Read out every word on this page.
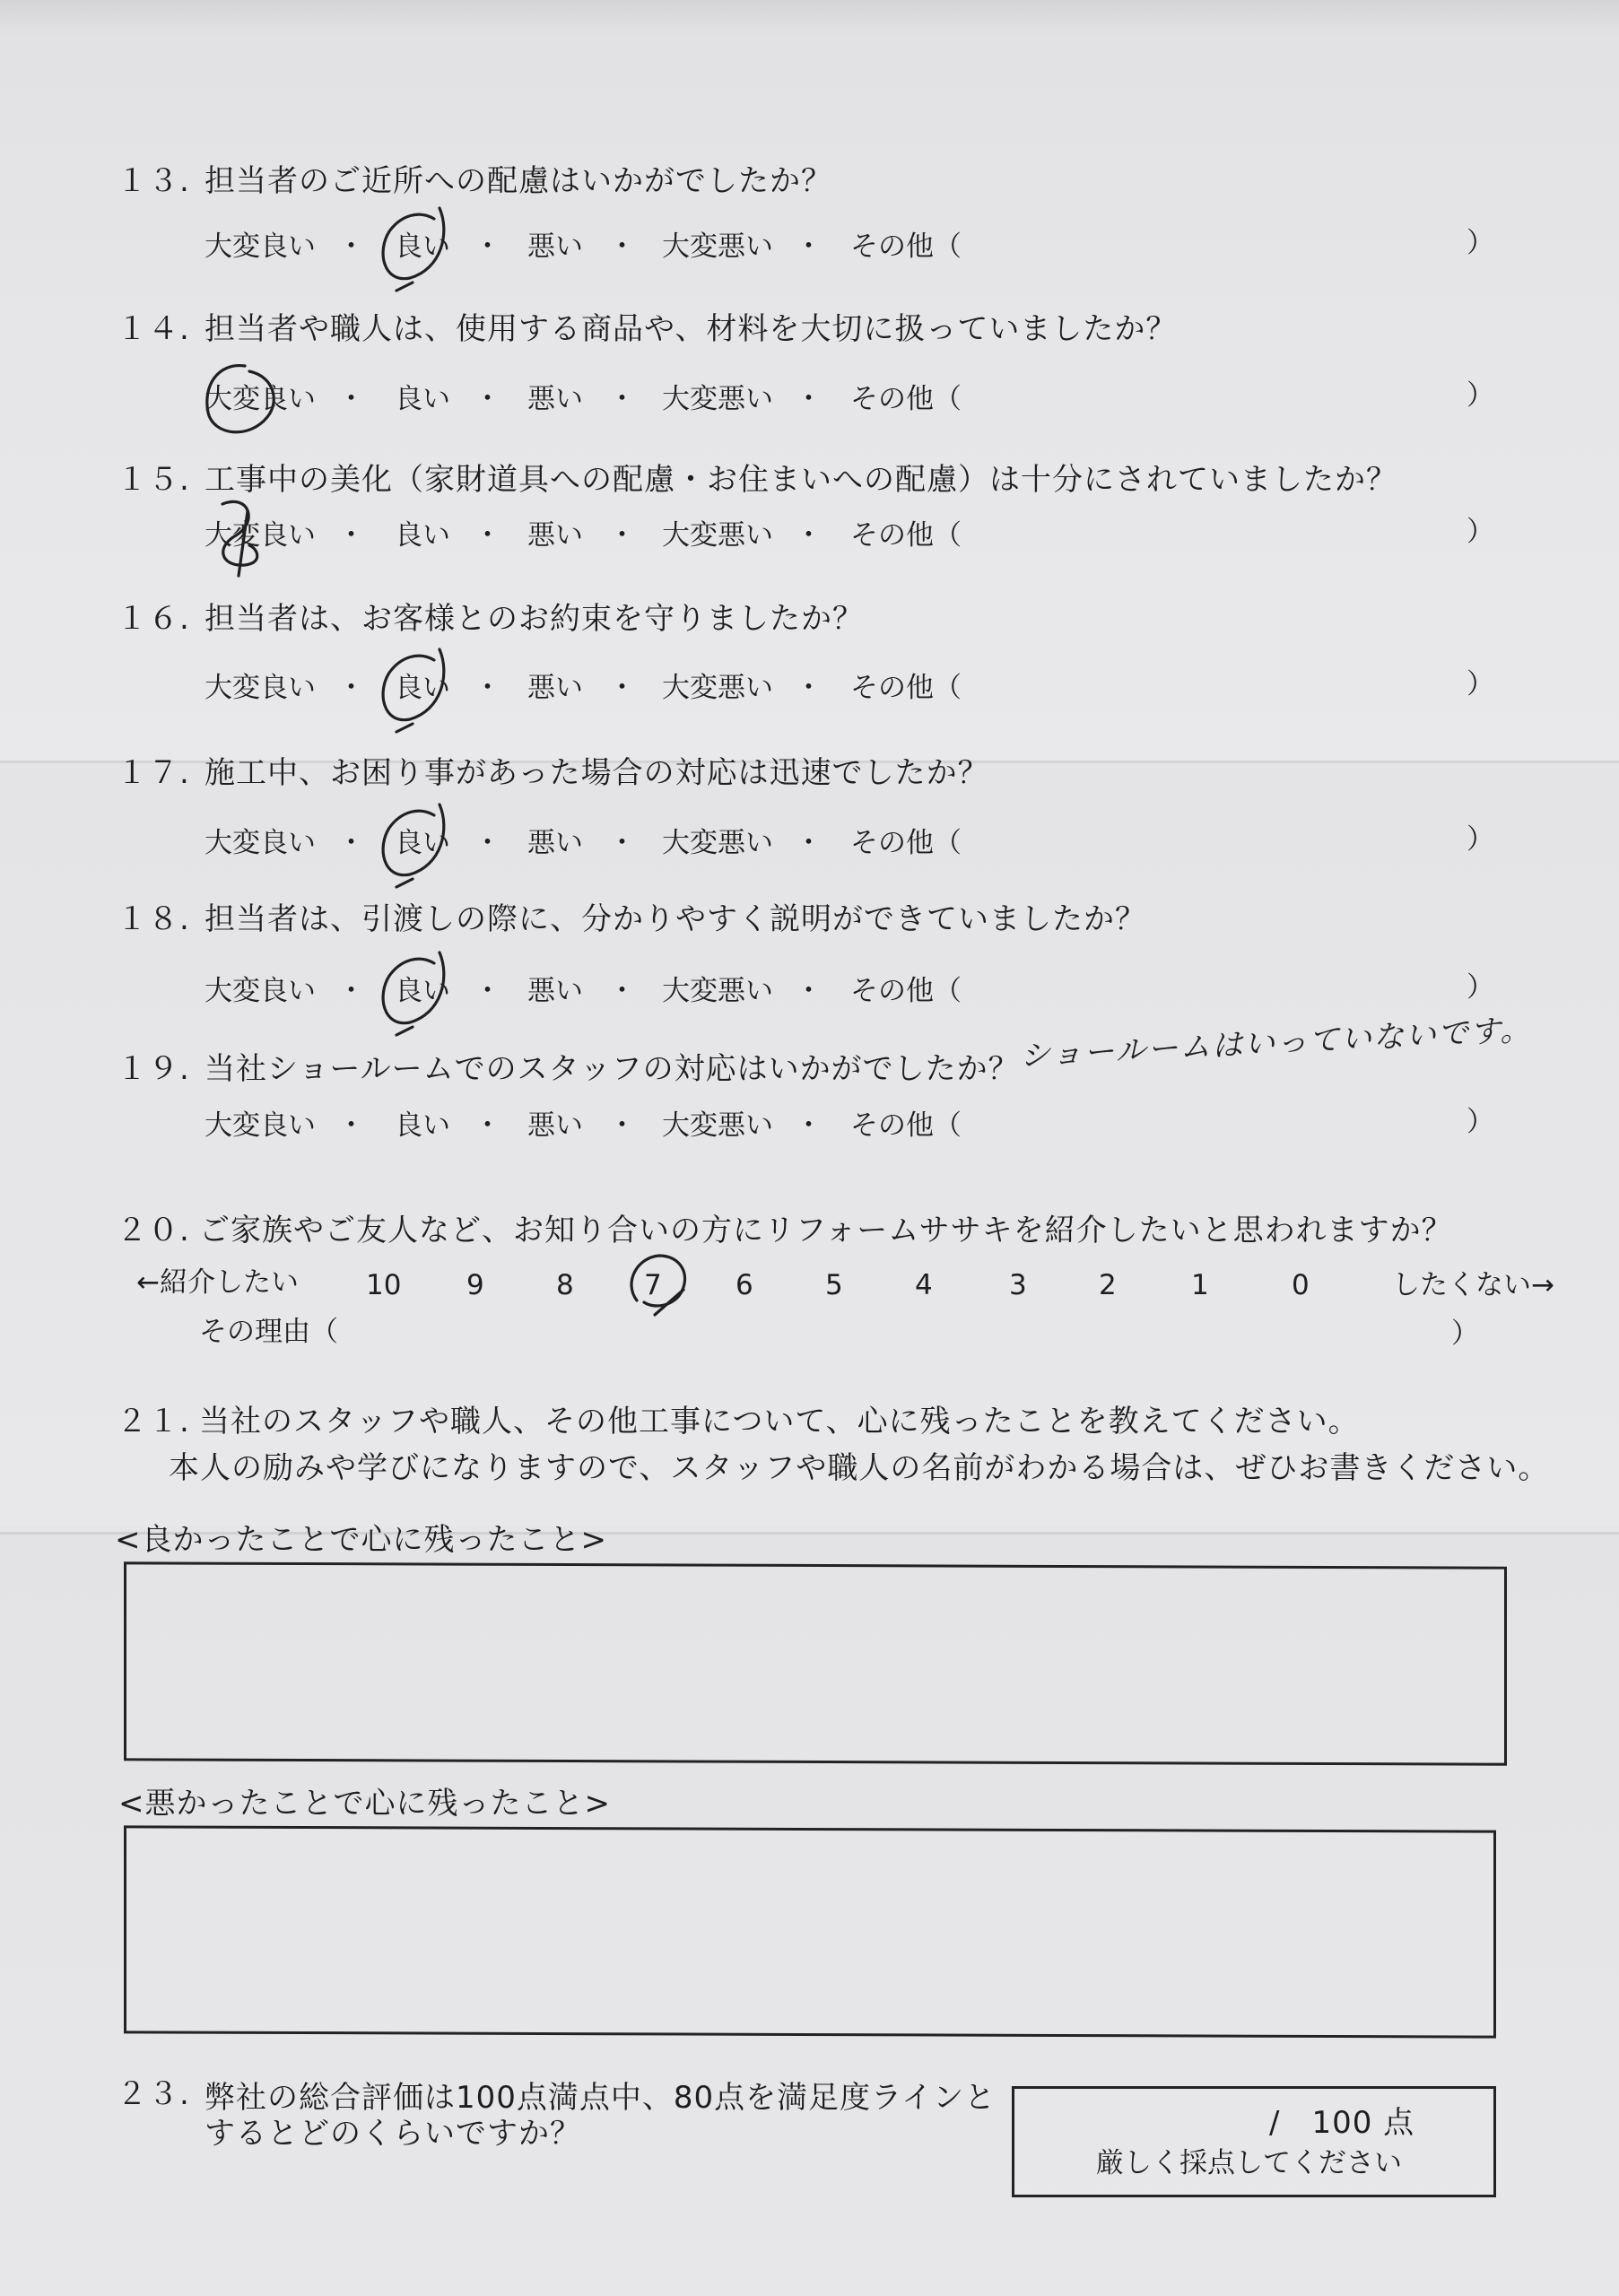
１３. 担当者のご近所への配慮はいかがでしたか？
大変良い	良い	悪い	大変悪い	その他（
・	・	・	・	）
１４. 担当者や職人は、使用する商品や、材料を大切に扱っていましたか？
大変良い	良い	悪い	大変悪い	その他（
・	・	・	・	）
１５. 工事中の美化（家財道具への配慮・お住まいへの配慮）は十分にされていましたか？
大変良い	良い	悪い	大変悪い	その他（
・	・	・	・	）
１６. 担当者は、お客様とのお約束を守りましたか？
大変良い	良い	悪い	大変悪い	その他（
・	・	・	・	）
１７. 施工中、お困り事があった場合の対応は迅速でしたか？
大変良い	良い	悪い	大変悪い	その他（
・	・	・	・	）
１８. 担当者は、引渡しの際に、分かりやすく説明ができていましたか？
大変良い	良い	悪い	大変悪い	その他（
・	・	・	・	）
１９. 当社ショールームでのスタッフの対応はいかがでしたか？
大変良い	良い	悪い	大変悪い	その他（
・	・	・	・	）
ショールームはいっていないです。
２０. ご家族やご友人など、お知り合いの方にリフォームササキを紹介したいと思われますか？
←紹介したい 10 9	8	7	6	5	4	3	2	1	0	したくない→
その理由（	）
２１. 当社のスタッフや職人、その他工事について、心に残ったことを教えてください。
本人の励みや学びになりますので、スタッフや職人の名前がわかる場合は、ぜひお書きください。
<良かったことで心に残ったこと>
<悪かったことで心に残ったこと>
２３. 弊社の総合評価は100点満点中、80点を満足度ラインと
するとどのくらいですか？	/　100 点
厳しく採点してください
